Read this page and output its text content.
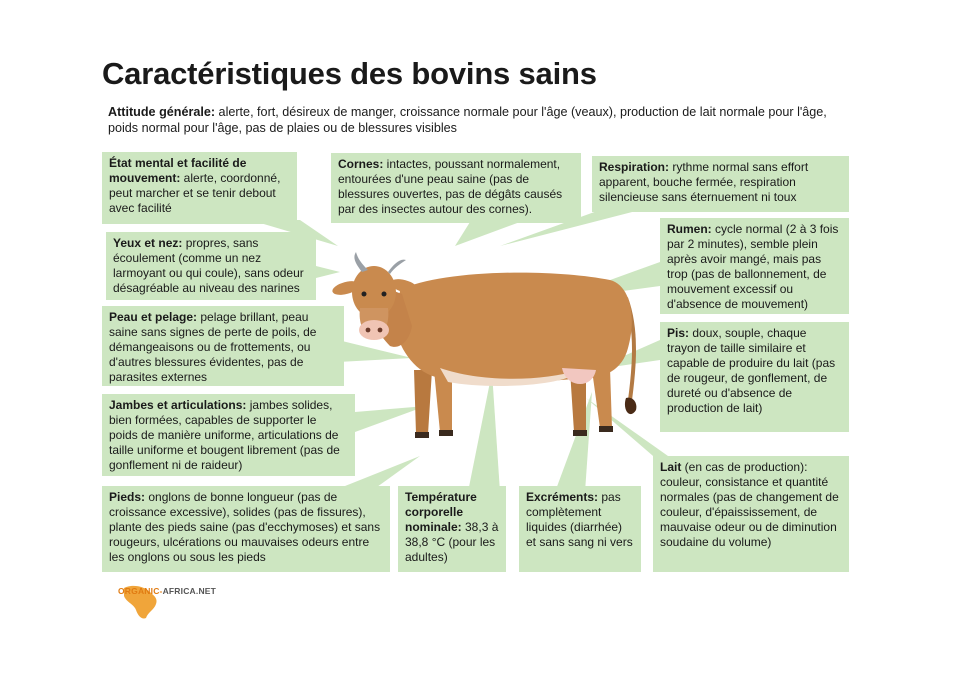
Caractéristiques des bovins sains
Attitude générale: alerte, fort, désireux de manger, croissance normale pour l'âge (veaux), production de lait normale pour l'âge, poids normal pour l'âge, pas de plaies ou de blessures visibles
État mental et facilité de mouvement: alerte, coordonné, peut marcher et se tenir debout avec facilité
Cornes: intactes, poussant normalement, entourées d'une peau saine (pas de blessures ouvertes, pas de dégâts causés par des insectes autour des cornes).
Respiration: rythme normal sans effort apparent, bouche fermée, respiration silencieuse sans éternuement ni toux
Yeux et nez: propres, sans écoulement (comme un nez larmoyant ou qui coule), sans odeur désagréable au niveau des narines
Rumen: cycle normal (2 à 3 fois par 2 minutes), semble plein après avoir mangé, mais pas trop (pas de ballonnement, de mouvement excessif ou d'absence de mouvement)
Peau et pelage: pelage brillant, peau saine sans signes de perte de poils, de démangeaisons ou de frottements, ou d'autres blessures évidentes, pas de parasites externes
Pis: doux, souple, chaque trayon de taille similaire et capable de produire du lait (pas de rougeur, de gonflement, de dureté ou d'absence de production de lait)
Jambes et articulations: jambes solides, bien formées, capables de supporter le poids de manière uniforme, articulations de taille uniforme et bougent librement (pas de gonflement ni de raideur)	Lait (en cas de production): couleur, consistance et quantité normales (pas de changement de couleur, d'épaississement, de mauvaise odeur ou de diminution soudaine du volume)
Pieds: onglons de bonne longueur (pas de croissance excessive), solides (pas de fissures), plante des pieds saine (pas d'ecchymoses) et sans rougeurs, ulcérations ou mauvaises odeurs entre les onglons ou sous les pieds
Température corporelle nominale: 38,3 à 38,8 °C (pour les adultes)
Excréments: pas complètement liquides (diarrhée) et sans sang ni vers
ORGANIC-AFRICA.NET
